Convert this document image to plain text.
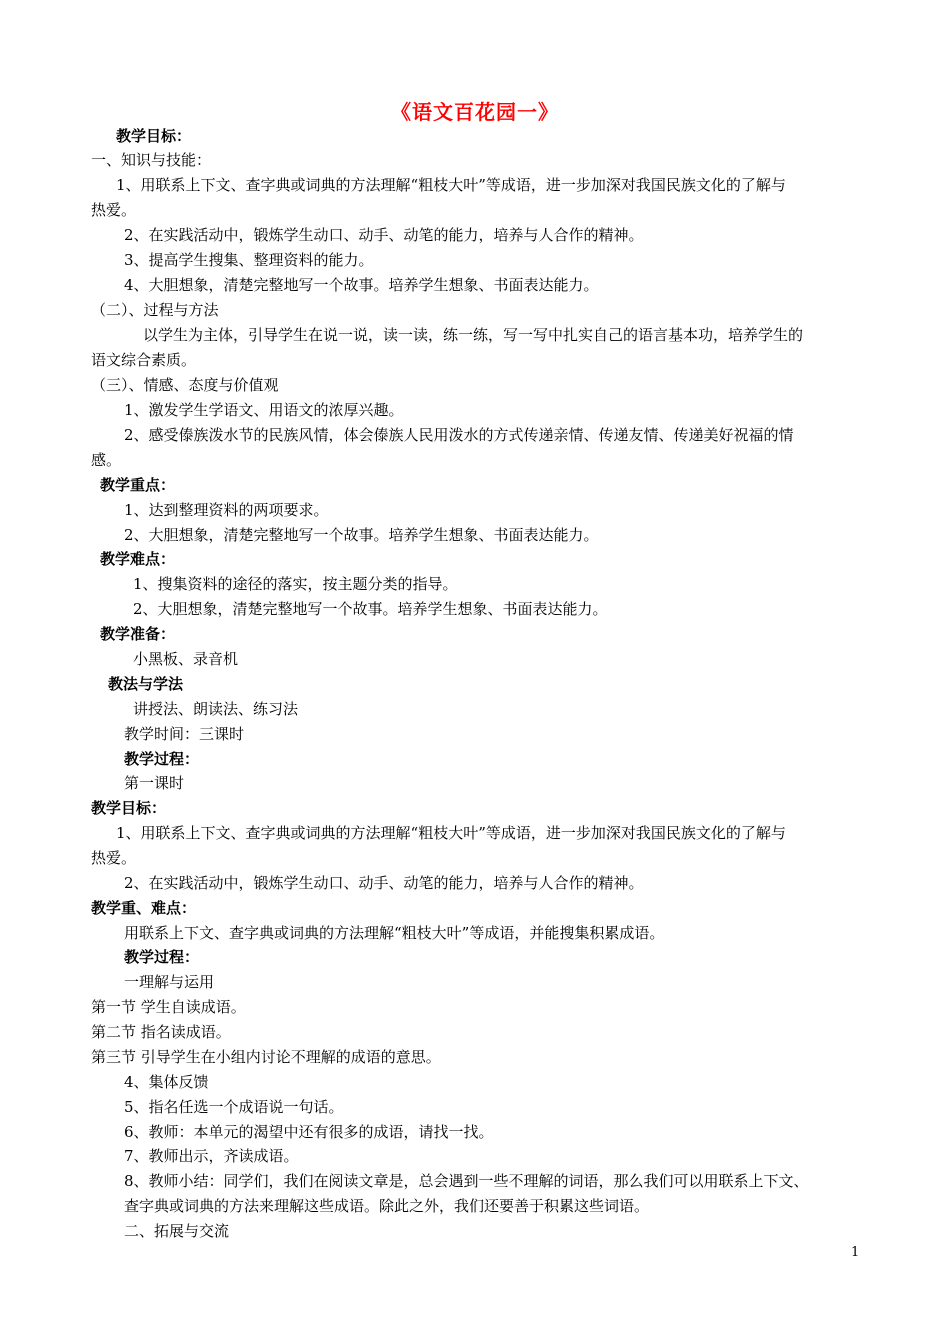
《语文百花园一》
教学目标：
一、知识与技能：
1、用联系上下文、查字典或词典的方法理解“粗枝大叶”等成语，进一步加深对我国民族文化的了解与
热爱。
2、在实践活动中，锻炼学生动口、动手、动笔的能力，培养与人合作的精神。
3、提高学生搜集、整理资料的能力。
4、大胆想象，清楚完整地写一个故事。培养学生想象、书面表达能力。
（二）、过程与方法
以学生为主体，引导学生在说一说，读一读，练一练，写一写中扎实自己的语言基本功，培养学生的
语文综合素质。
（三）、情感、态度与价值观
1、激发学生学语文、用语文的浓厚兴趣。
2、感受傣族泼水节的民族风情，体会傣族人民用泼水的方式传递亲情、传递友情、传递美好祝福的情
感。
教学重点：
1、达到整理资料的两项要求。
2、大胆想象，清楚完整地写一个故事。培养学生想象、书面表达能力。
教学难点：
1、搜集资料的途径的落实，按主题分类的指导。
2、大胆想象，清楚完整地写一个故事。培养学生想象、书面表达能力。
教学准备：
小黑板、录音机
教法与学法
讲授法、朗读法、练习法
教学时间：三课时
教学过程：
第一课时
教学目标：
1、用联系上下文、查字典或词典的方法理解“粗枝大叶”等成语，进一步加深对我国民族文化的了解与
热爱。
2、在实践活动中，锻炼学生动口、动手、动笔的能力，培养与人合作的精神。
教学重、难点：
用联系上下文、查字典或词典的方法理解“粗枝大叶”等成语，并能搜集积累成语。
教学过程：
一理解与运用
第一节 学生自读成语。
第二节 指名读成语。
第三节 引导学生在小组内讨论不理解的成语的意思。
4、集体反馈
5、指名任选一个成语说一句话。
6、教师：本单元的渴望中还有很多的成语，请找一找。
7、教师出示，齐读成语。
8、教师小结：同学们，我们在阅读文章是，总会遇到一些不理解的词语，那么我们可以用联系上下文、
查字典或词典的方法来理解这些成语。除此之外，我们还要善于积累这些词语。
二、拓展与交流
1
